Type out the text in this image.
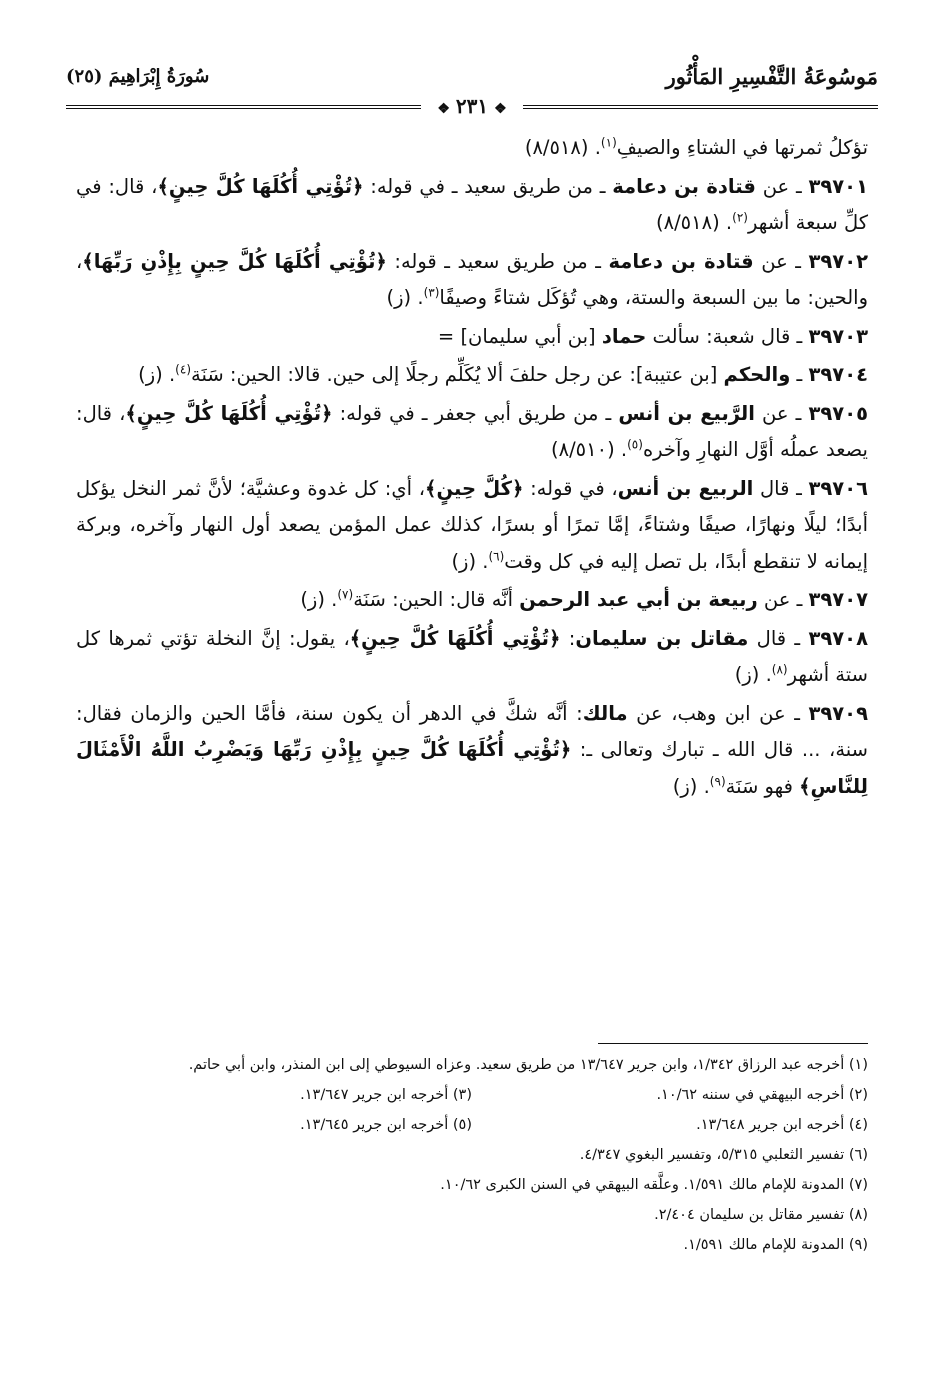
مَوسُوعَةُ التَّفْسِيرِ المَأْثُور
سُورَةُ إِبْرَاهِيمَ (٢٥)
❖٢٣١❖

تؤكلُ ثمرتها في الشتاءِ والصيفِ$^{(١)}$. (٨/٥١٨)

٣٩٧٠١ ـ عن قتادة بن دعامة ـ من طريق سعيد ـ في قوله: ﴿تُؤْتِي أُكُلَهَا كُلَّ حِينٍ﴾، قال: في كلِّ سبعة أشهر$^{(٢)}$. (٨/٥١٨)

٣٩٧٠٢ ـ عن قتادة بن دعامة ـ من طريق سعيد ـ قوله: ﴿تُؤْتِي أُكُلَهَا كُلَّ حِينٍ بِإِذْنِ رَبِّهَا﴾، والحين: ما بين السبعة والستة، وهي تُؤكَل شتاءً وصيفًا$^{(٣)}$. (ز)

٣٩٧٠٣ ـ قال شعبة: سألت حماد [بن أبي سليمان] =

٣٩٧٠٤ ـ والحكم [بن عتيبة]: عن رجل حلفَ ألا يُكَلِّم رجلًا إلى حين. قالا: الحين: سَنَة$^{(٤)}$. (ز)

٣٩٧٠٥ ـ عن الرَّبيع بن أنس ـ من طريق أبي جعفر ـ في قوله: ﴿تُؤْتِي أُكُلَهَا كُلَّ حِينٍ﴾، قال: يصعد عملُه أوَّل النهارِ وآخره$^{(٥)}$. (٨/٥١٠)

٣٩٧٠٦ ـ قال الربيع بن أنس، في قوله: ﴿كُلَّ حِينٍ﴾، أي: كل غدوة وعشيَّة؛ لأنَّ ثمر النخل يؤكل أبدًا؛ ليلًا ونهارًا، صيفًا وشتاءً، إمَّا تمرًا أو بسرًا، كذلك عمل المؤمن يصعد أول النهار وآخره، وبركة إيمانه لا تنقطع أبدًا، بل تصل إليه في كل وقت$^{(٦)}$. (ز)

٣٩٧٠٧ ـ عن ربيعة بن أبي عبد الرحمن أنَّه قال: الحين: سَنَة$^{(٧)}$. (ز)

٣٩٧٠٨ ـ قال مقاتل بن سليمان: ﴿تُؤْتِي أُكُلَهَا كُلَّ حِينٍ﴾، يقول: إنَّ النخلة تؤتي ثمرها كل ستة أشهر$^{(٨)}$. (ز)

٣٩٧٠٩ ـ عن ابن وهب، عن مالك: أنَّه شكَّ في الدهر أن يكون سنة، فأمَّا الحين والزمان فقال: سنة، ... قال الله ـ تبارك وتعالى ـ: ﴿تُؤْتِي أُكُلَهَا كُلَّ حِينٍ بِإِذْنِ رَبِّهَا وَيَضْرِبُ اللَّهُ الْأَمْثَالَ لِلنَّاسِ﴾ فهو سَنَة$^{(٩)}$. (ز)

(١) أخرجه عبد الرزاق ١/٣٤٢، وابن جرير ١٣/٦٤٧ من طريق سعيد. وعزاه السيوطي إلى ابن المنذر، وابن أبي حاتم.

(٢) أخرجه البيهقي في سننه ١٠/٦٢.

(٣) أخرجه ابن جرير ١٣/٦٤٧.

(٤) أخرجه ابن جرير ١٣/٦٤٨.

(٥) أخرجه ابن جرير ١٣/٦٤٥.

(٦) تفسير الثعلبي ٥/٣١٥، وتفسير البغوي ٤/٣٤٧.

(٧) المدونة للإمام مالك ١/٥٩١. وعلَّقه البيهقي في السنن الكبرى ١٠/٦٢.

(٨) تفسير مقاتل بن سليمان ٢/٤٠٤.

(٩) المدونة للإمام مالك ١/٥٩١.
